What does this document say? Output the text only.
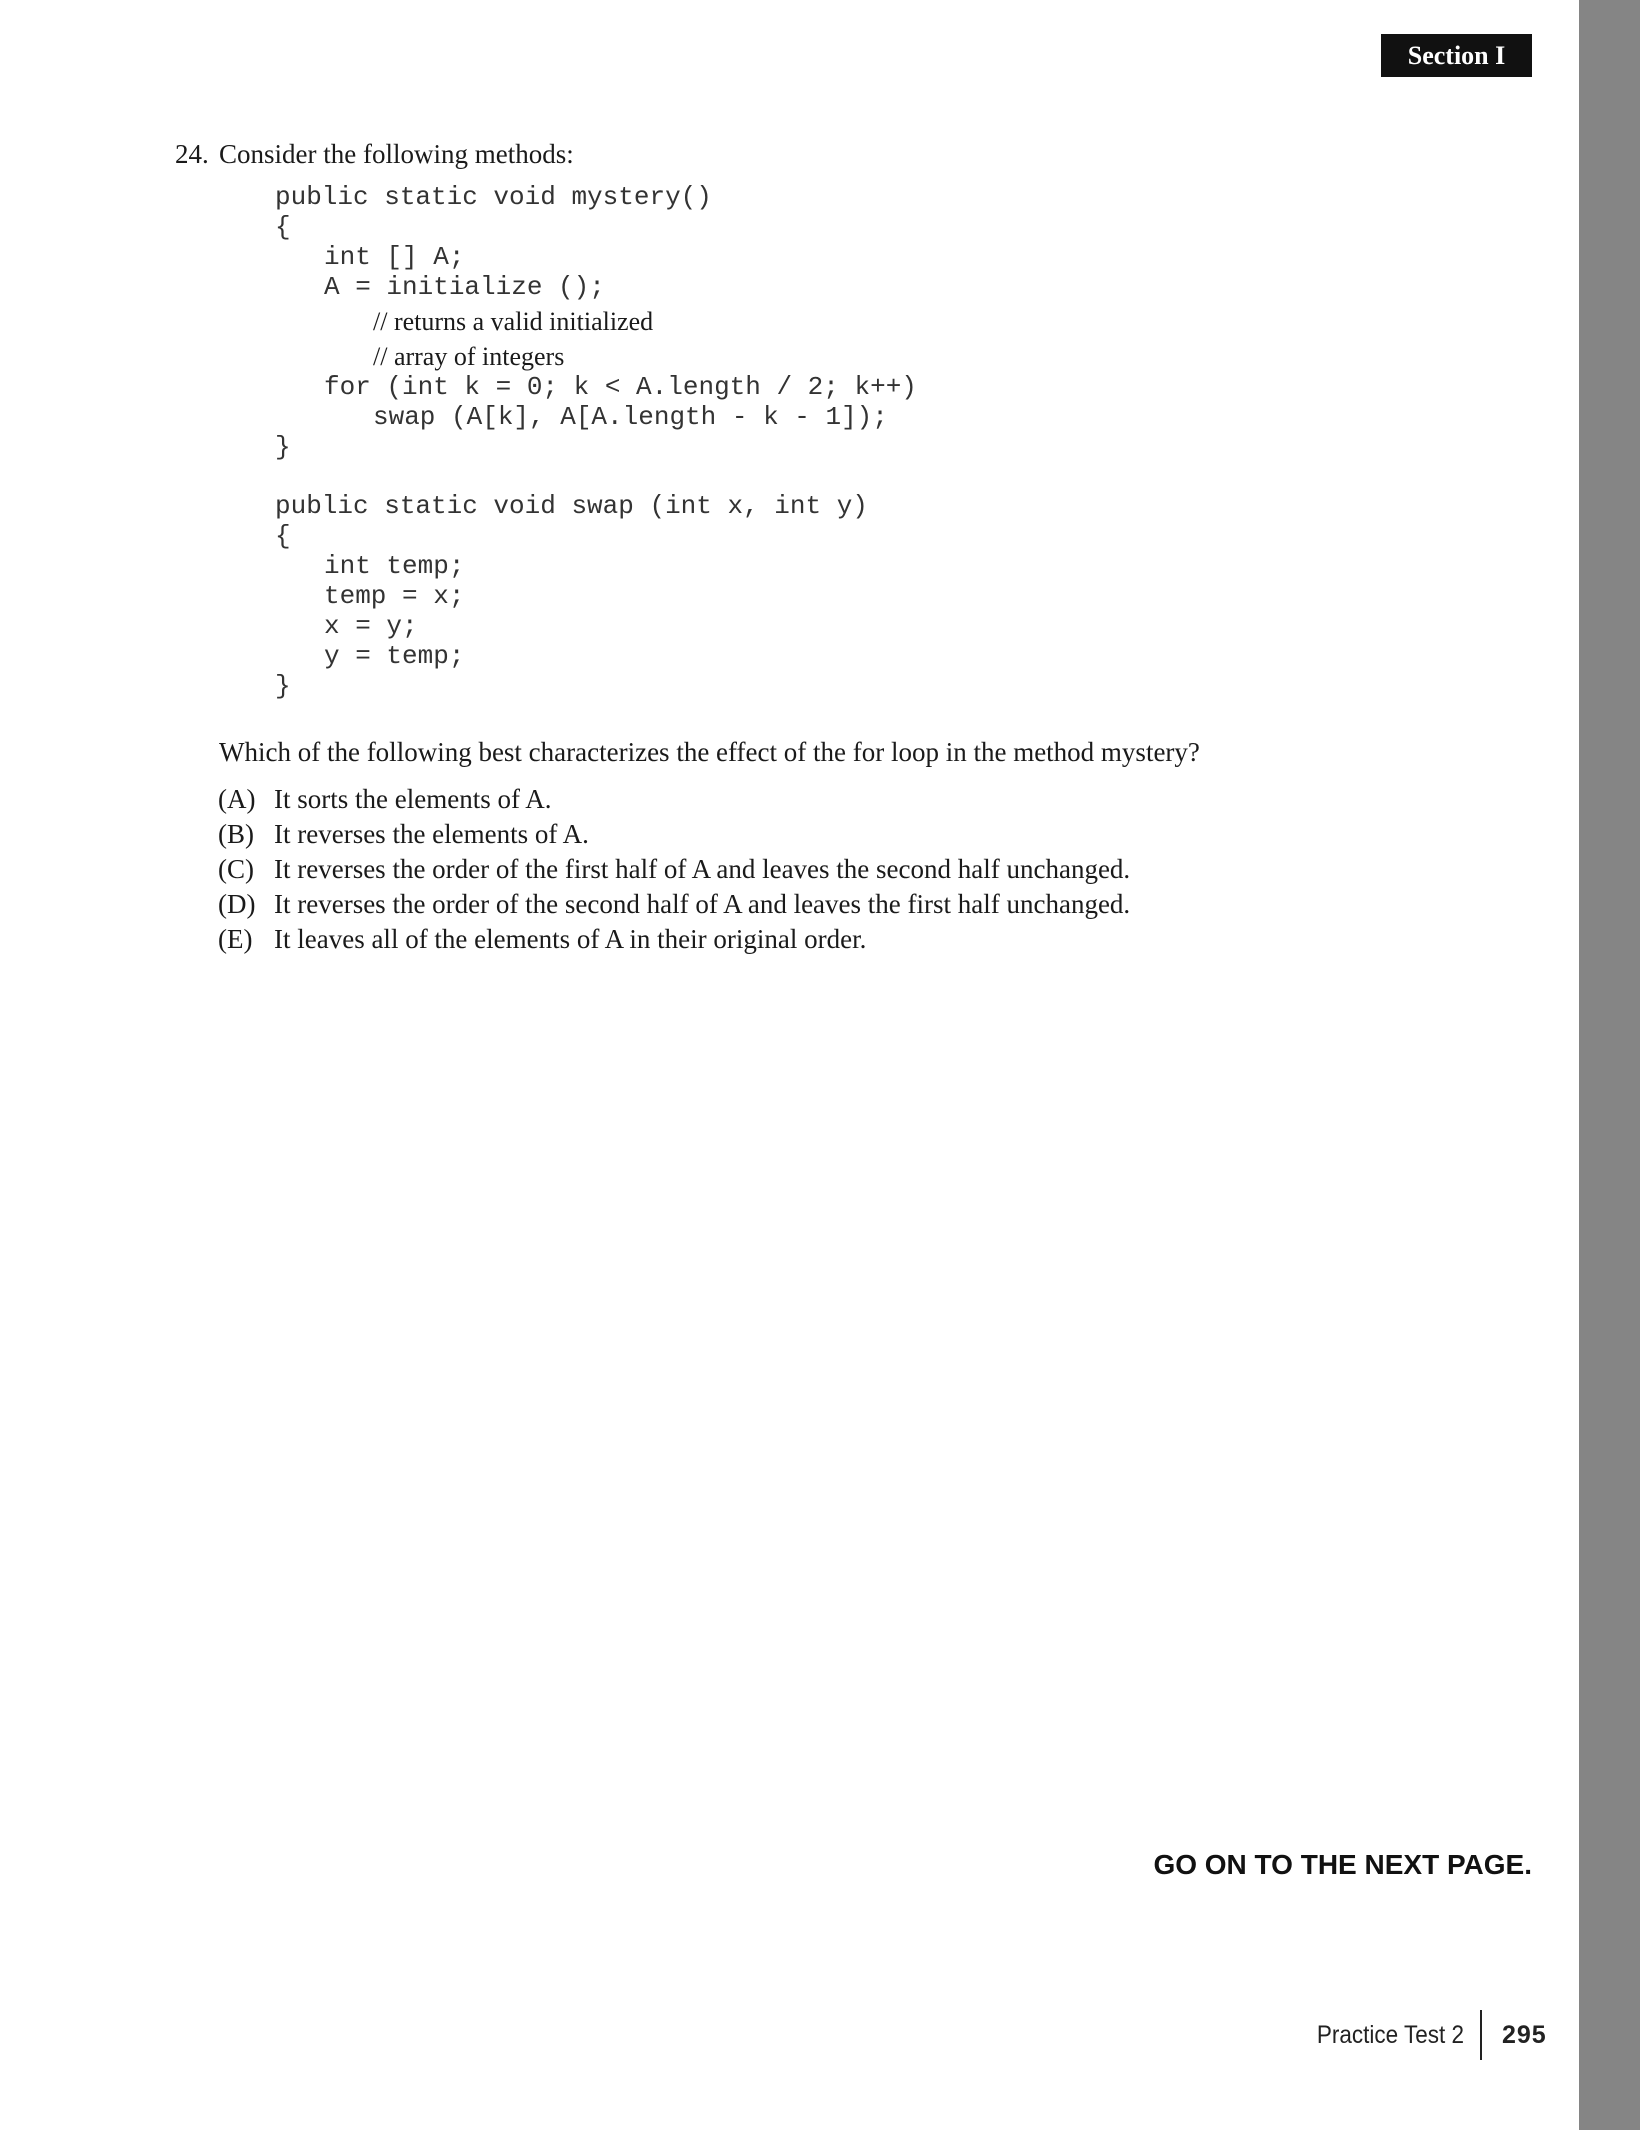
Section I
24. Consider the following methods:
public static void mystery()
{
int [] A;
A = initialize ();
// returns a valid initialized
// array of integers
for (int k = 0; k < A.length / 2; k++)
swap (A[k], A[A.length - k - 1]);
}
public static void swap (int x, int y)
{
int temp;
temp = x;
x = y;
y = temp;
}
Which of the following best characterizes the effect of the for loop in the method mystery?
(A) It sorts the elements of A.
(B) It reverses the elements of A.
(C) It reverses the order of the first half of A and leaves the second half unchanged.
(D) It reverses the order of the second half of A and leaves the first half unchanged.
(E) It leaves all of the elements of A in their original order.
GO ON TO THE NEXT PAGE.
Practice Test 2 295
